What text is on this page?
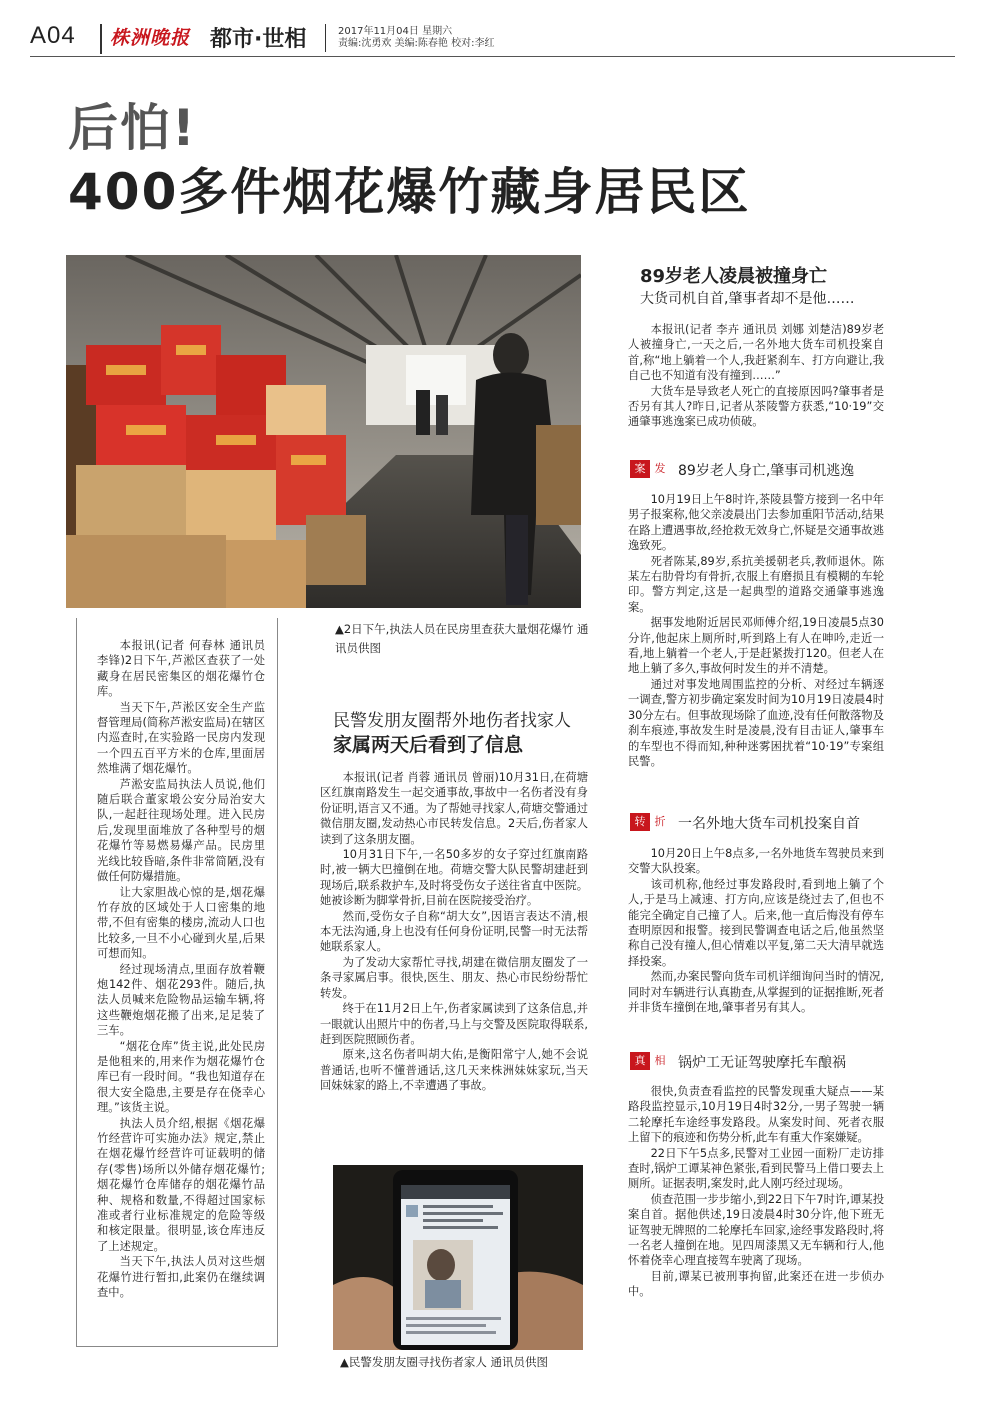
A04 株洲晚报 都市·世相	2017年11月04日 星期六
责编:沈勇欢 美编:陈春艳 校对:李红
后怕!
400多件烟花爆竹藏身居民区
▲2日下午,执法人员在民房里查获大量烟花爆竹 通讯员供图

本报讯(记者 何春林 通讯员 李锋)2日下午,芦淞区查获了一处藏身在居民密集区的烟花爆竹仓库。

当天下午,芦淞区安全生产监督管理局(简称芦淞安监局)在辖区内巡查时,在实验路一民房内发现一个四五百平方米的仓库,里面居然堆满了烟花爆竹。

芦淞安监局执法人员说,他们随后联合董家塅公安分局治安大队,一起赶往现场处理。进入民房后,发现里面堆放了各种型号的烟花爆竹等易燃易爆产品。民房里光线比较昏暗,条件非常简陋,没有做任何防爆措施。

让大家胆战心惊的是,烟花爆竹存放的区域处于人口密集的地带,不但有密集的楼房,流动人口也比较多,一旦不小心碰到火星,后果可想而知。

经过现场清点,里面存放着鞭炮142件、烟花293件。随后,执法人员喊来危险物品运输车辆,将这些鞭炮烟花搬了出来,足足装了三车。

“烟花仓库”货主说,此处民房是他租来的,用来作为烟花爆竹仓库已有一段时间。“我也知道存在很大安全隐患,主要是存在侥幸心理。”该货主说。

执法人员介绍,根据《烟花爆竹经营许可实施办法》规定,禁止在烟花爆竹经营许可证载明的储存(零售)场所以外储存烟花爆竹;烟花爆竹仓库储存的烟花爆竹品种、规格和数量,不得超过国家标准或者行业标准规定的危险等级和核定限量。很明显,该仓库违反了上述规定。

当天下午,执法人员对这些烟花爆竹进行暂扣,此案仍在继续调查中。

民警发朋友圈帮外地伤者找家人
家属两天后看到了信息

本报讯(记者 肖蓉 通讯员 曾丽)10月31日,在荷塘区红旗南路发生一起交通事故,事故中一名伤者没有身份证明,语言又不通。为了帮她寻找家人,荷塘交警通过微信朋友圈,发动热心市民转发信息。2天后,伤者家人读到了这条朋友圈。

10月31日下午,一名50多岁的女子穿过红旗南路时,被一辆大巴撞倒在地。荷塘交警大队民警胡建赶到现场后,联系救护车,及时将受伤女子送往省直中医院。她被诊断为脚掌骨折,目前在医院接受治疗。

然而,受伤女子自称“胡大女”,因语言表达不清,根本无法沟通,身上也没有任何身份证明,民警一时无法帮她联系家人。

为了发动大家帮忙寻找,胡建在微信朋友圈发了一条寻家属启事。很快,医生、朋友、热心市民纷纷帮忙转发。

终于在11月2日上午,伤者家属读到了这条信息,并一眼就认出照片中的伤者,马上与交警及医院取得联系,赶到医院照顾伤者。

原来,这名伤者叫胡大佑,是衡阳常宁人,她不会说普通话,也听不懂普通话,这几天来株洲妹妹家玩,当天回妹妹家的路上,不幸遭遇了事故。

▲民警发朋友圈寻找伤者家人 通讯员供图
89岁老人凌晨被撞身亡
大货司机自首,肇事者却不是他……

本报讯(记者 李卉 通讯员 刘娜 刘楚洁)89岁老人被撞身亡,一天之后,一名外地大货车司机投案自首,称“地上躺着一个人,我赶紧刹车、打方向避让,我自己也不知道有没有撞到……”

大货车是导致老人死亡的直接原因吗?肇事者是否另有其人?昨日,记者从茶陵警方获悉,“10·19”交通肇事逃逸案已成功侦破。

案 发 89岁老人身亡,肇事司机逃逸

10月19日上午8时许,茶陵县警方接到一名中年男子报案称,他父亲凌晨出门去参加重阳节活动,结果在路上遭遇事故,经抢救无效身亡,怀疑是交通事故逃逸致死。

死者陈某,89岁,系抗美援朝老兵,教师退休。陈某左右肋骨均有骨折,衣服上有磨损且有模糊的车轮印。警方判定,这是一起典型的道路交通肇事逃逸案。

据事发地附近居民邓师傅介绍,19日凌晨5点30分许,他起床上厕所时,听到路上有人在呻吟,走近一看,地上躺着一个老人,于是赶紧拨打120。但老人在地上躺了多久,事故何时发生的并不清楚。

通过对事发地周围监控的分析、对经过车辆逐一调查,警方初步确定案发时间为10月19日凌晨4时30分左右。但事故现场除了血迹,没有任何散落物及刹车痕迹,事故发生时是凌晨,没有目击证人,肇事车的车型也不得而知,种种迷雾困扰着“10·19”专案组民警。

转 折 一名外地大货车司机投案自首

10月20日上午8点多,一名外地货车驾驶员来到交警大队投案。

该司机称,他经过事发路段时,看到地上躺了个人,于是马上减速、打方向,应该是绕过去了,但也不能完全确定自己撞了人。后来,他一直后悔没有停车查明原因和报警。接到民警调查电话之后,他虽然坚称自己没有撞人,但心情难以平复,第二天大清早就选择投案。

然而,办案民警向货车司机详细询问当时的情况,同时对车辆进行认真勘查,从掌握到的证据推断,死者并非货车撞倒在地,肇事者另有其人。

真 相 锅炉工无证驾驶摩托车酿祸

很快,负责查看监控的民警发现重大疑点——某路段监控显示,10月19日4时32分,一男子驾驶一辆二轮摩托车途经事发路段。从案发时间、死者衣服上留下的痕迹和伤势分析,此车有重大作案嫌疑。

22日下午5点多,民警对工业园一面粉厂走访排查时,锅炉工谭某神色紧张,看到民警马上借口要去上厕所。证据表明,案发时,此人刚巧经过现场。

侦查范围一步步缩小,到22日下午7时许,谭某投案自首。据他供述,19日凌晨4时30分许,他下班无证驾驶无牌照的二轮摩托车回家,途经事发路段时,将一名老人撞倒在地。见四周漆黑又无车辆和行人,他怀着侥幸心理直接驾车驶离了现场。

目前,谭某已被刑事拘留,此案还在进一步侦办中。
